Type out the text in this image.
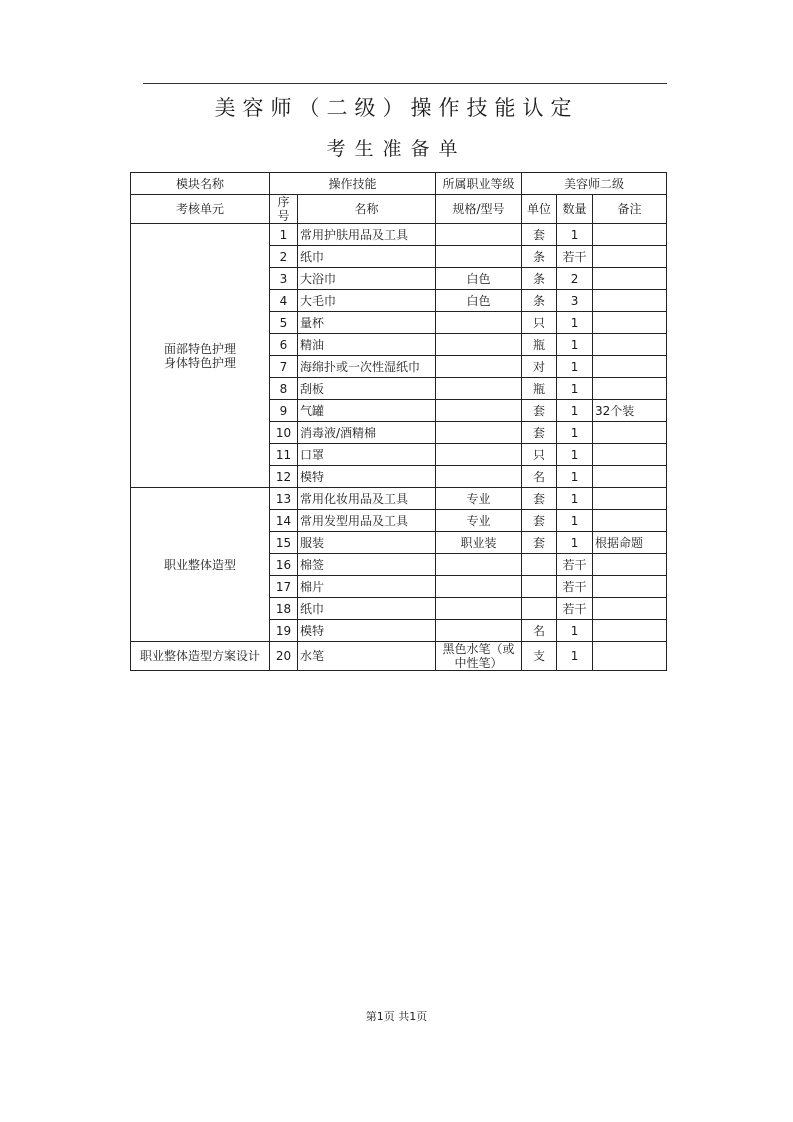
美容师（二级）操作技能认定
考生准备单
模块名称	操作技能		所属职业等级	美容师二级		
考核单元	序号	名称	规格/型号	单位	数量	备注
面部特色护理
身体特色护理	1	常用护肤用品及工具		套	1	
	2	纸巾		条	若干	
	3	大浴巾	白色	条	2	
	4	大毛巾	白色	条	3	
	5	量杯		只	1	
	6	精油		瓶	1	
	7	海绵扑或一次性湿纸巾		对	1	
	8	刮板		瓶	1	
	9	气罐		套	1	32个装
	10	消毒液/酒精棉		套	1	
	11	口罩		只	1	
	12	模特		名	1	
职业整体造型	13	常用化妆用品及工具	专业	套	1	
	14	常用发型用品及工具	专业	套	1	
	15	服装	职业装	套	1	根据命题
	16	棉签			若干	
	17	棉片			若干	
	18	纸巾			若干	
	19	模特		名	1	
职业整体造型方案设计	20	水笔	黑色水笔（或中性笔）	支	1	
第1页 共1页
